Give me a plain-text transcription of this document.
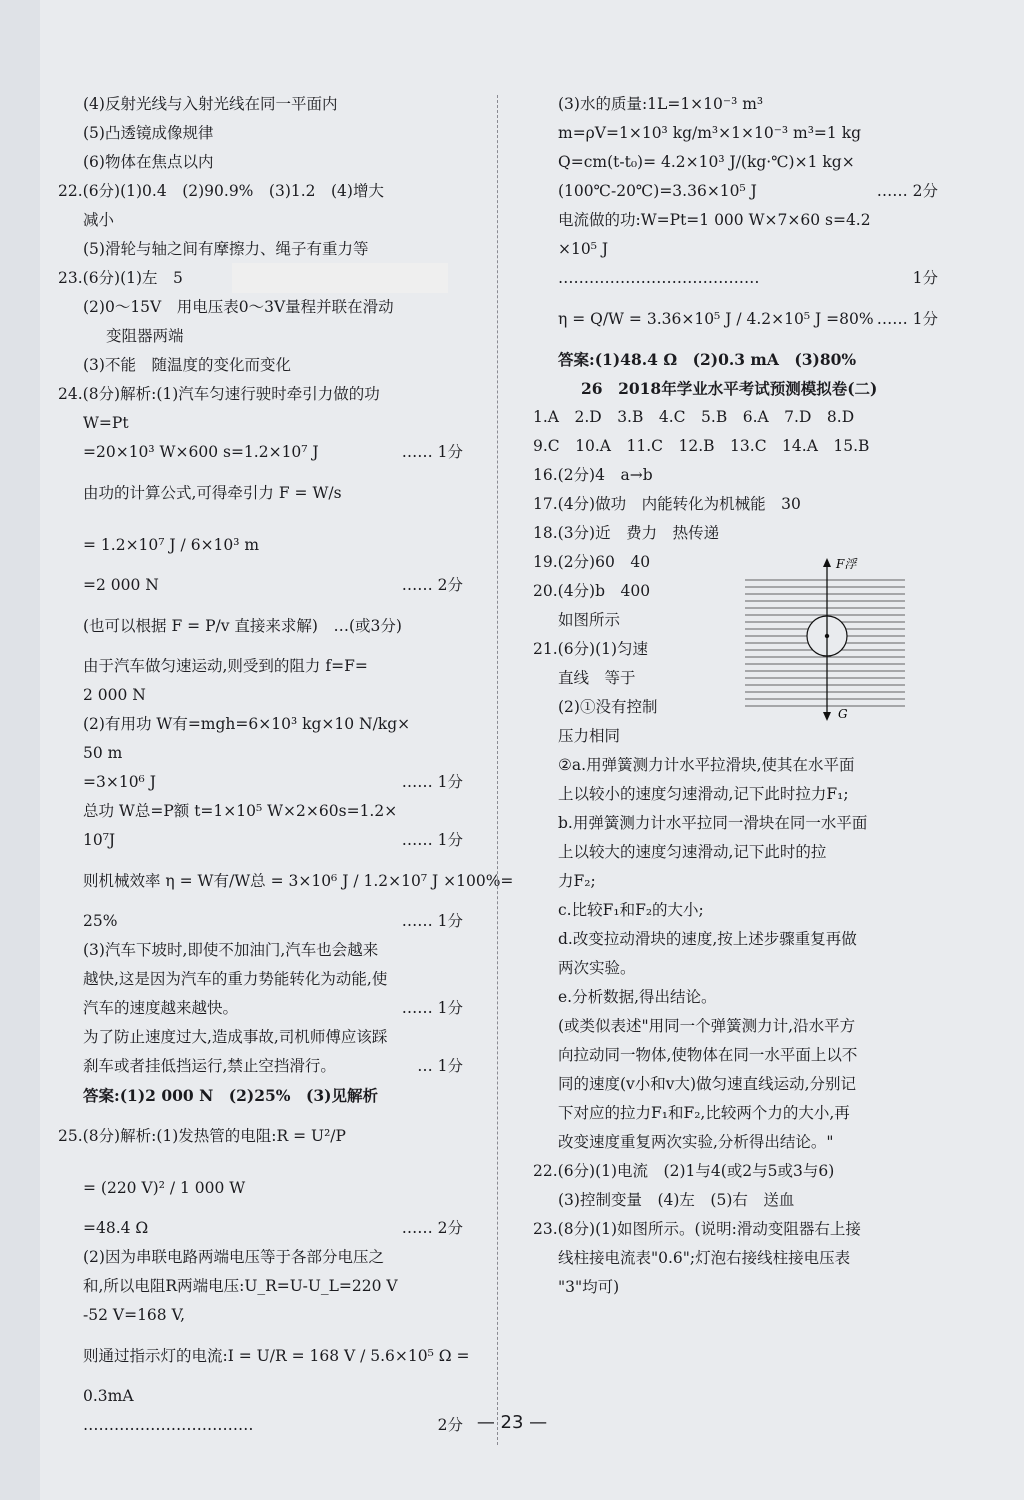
(4)反射光线与入射光线在同一平面内
(5)凸透镜成像规律
(6)物体在焦点以内
22.(6分)(1)0.4　(2)90.9%　(3)1.2　(4)增大
减小
(5)滑轮与轴之间有摩擦力、绳子有重力等
23.(6分)(1)左　5
(2)0～15V　用电压表0～3V量程并联在滑动
变阻器两端
(3)不能　随温度的变化而变化
24.(8分)解析:(1)汽车匀速行驶时牵引力做的功
W=Pt
=20×10³ W×600 s=1.2×10⁷ J	…… 1分
由功的计算公式,可得牵引力 F = W/s
= 1.2×10⁷ J / 6×10³ m
=2 000 N	…… 2分
(也可以根据 F = P/v 直接来求解)　…(或3分)
由于汽车做匀速运动,则受到的阻力 f=F=
2 000 N
(2)有用功 W有=mgh=6×10³ kg×10 N/kg×
50 m
=3×10⁶ J	…… 1分
总功 W总=P额 t=1×10⁵ W×2×60s=1.2×
10⁷J	…… 1分
则机械效率 η = W有/W总 = 3×10⁶ J / 1.2×10⁷ J ×100%=
25%	…… 1分
(3)汽车下坡时,即使不加油门,汽车也会越来
越快,这是因为汽车的重力势能转化为动能,使
汽车的速度越来越快。	…… 1分
为了防止速度过大,造成事故,司机师傅应该踩
刹车或者挂低挡运行,禁止空挡滑行。	… 1分
答案:(1)2 000 N　(2)25%　(3)见解析
25.(8分)解析:(1)发热管的电阻:R = U²/P
= (220 V)² / 1 000 W
=48.4 Ω	…… 2分
(2)因为串联电路两端电压等于各部分电压之
和,所以电阻R两端电压:U_R=U-U_L=220 V
-52 V=168 V,
则通过指示灯的电流:I = U/R = 168 V / 5.6×10⁵ Ω =
0.3mA
……………………………	2分
(3)水的质量:1L=1×10⁻³ m³
m=ρV=1×10³ kg/m³×1×10⁻³ m³=1 kg
Q=cm(t-t₀)= 4.2×10³ J/(kg·℃)×1 kg×
(100℃-20℃)=3.36×10⁵ J	…… 2分
电流做的功:W=Pt=1 000 W×7×60 s=4.2
×10⁵ J
…………………………………	1分
η = Q/W = 3.36×10⁵ J / 4.2×10⁵ J =80% …… 1分
答案:(1)48.4 Ω　(2)0.3 mA　(3)80%
26　2018年学业水平考试预测模拟卷(二)
1.A　2.D　3.B　4.C　5.B　6.A　7.D　8.D
9.C　10.A　11.C　12.B　13.C　14.A　15.B
16.(2分)4　a→b
17.(4分)做功　内能转化为机械能　30
18.(3分)近　费力　热传递
19.(2分)60　40
20.(4分)b　400
如图所示
21.(6分)(1)匀速
直线　等于
(2)①没有控制
压力相同
②a.用弹簧测力计水平拉滑块,使其在水平面
上以较小的速度匀速滑动,记下此时拉力F₁;
b.用弹簧测力计水平拉同一滑块在同一水平面
上以较大的速度匀速滑动,记下此时的拉
力F₂;
c.比较F₁和F₂的大小;
d.改变拉动滑块的速度,按上述步骤重复再做
两次实验。
e.分析数据,得出结论。
(或类似表述"用同一个弹簧测力计,沿水平方
向拉动同一物体,使物体在同一水平面上以不
同的速度(v小和v大)做匀速直线运动,分别记
下对应的拉力F₁和F₂,比较两个力的大小,再
改变速度重复两次实验,分析得出结论。"
22.(6分)(1)电流　(2)1与4(或2与5或3与6)
(3)控制变量　(4)左　(5)右　送血
23.(8分)(1)如图所示。(说明:滑动变阻器右上接
线柱接电流表"0.6";灯泡右接线柱接电压表
"3"均可)
F浮
G
— 23 —
